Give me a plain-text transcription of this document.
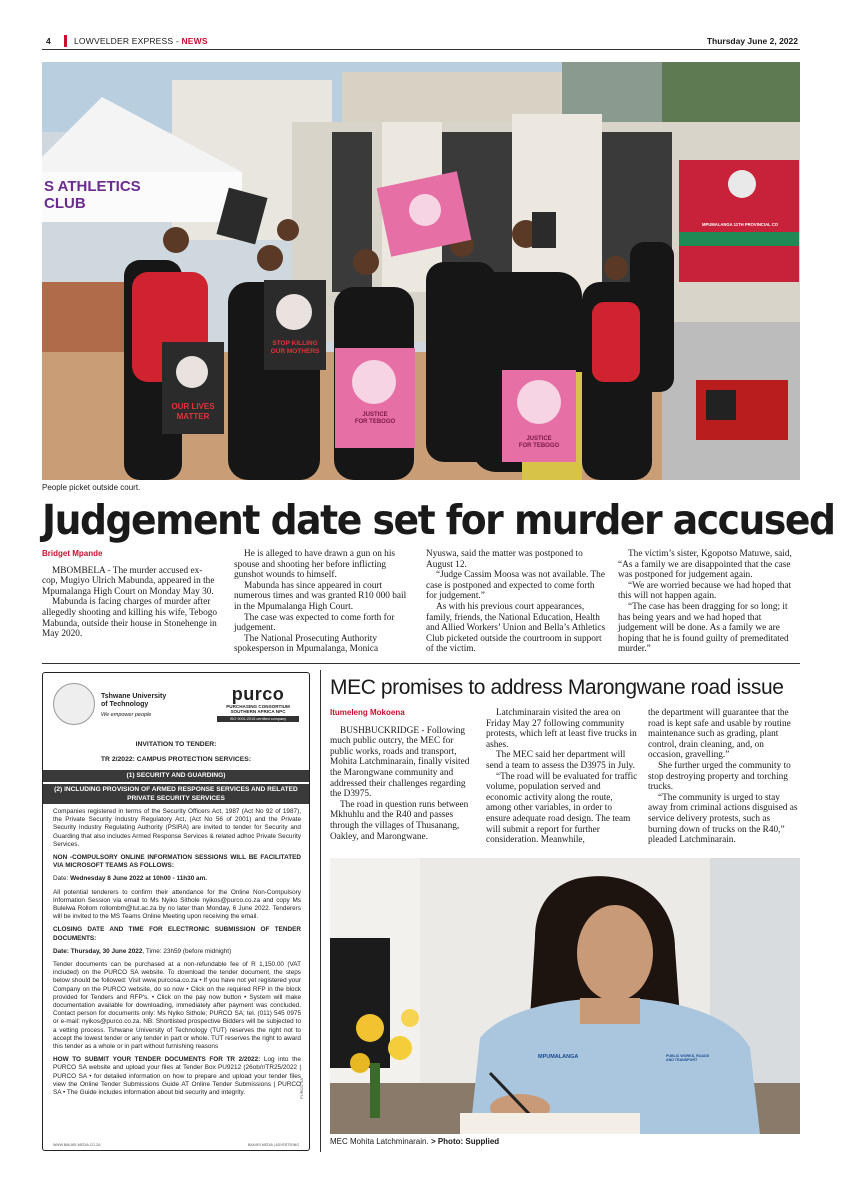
4	LOWVELDER EXPRESS - NEWS	Thursday June 2, 2022
S ATHLETICS
CLUB
OUR LIVES
MATTER
STOP KILLING
OUR MOTHERS
JUSTICE
FOR TEBOGO
JUSTICE
FOR TEBOGO
MPUMALANGA 11TH PROVINCIAL CO
People picket outside court.
Judgement date set for murder accused
Bridget Mpande

MBOMBELA - The murder accused ex-cop, Mugiyo Ulrich Mabunda, appeared in the Mpumalanga High Court on Monday May 30.

Mabunda is facing charges of murder after allegedly shooting and killing his wife, Tebogo Mabunda, outside their house in Stonehenge in May 2020.

He is alleged to have drawn a gun on his spouse and shooting her before inflicting gunshot wounds to himself.

Mabunda has since appeared in court numerous times and was granted R10 000 bail in the Mpumalanga High Court.

The case was expected to come forth for judgement.

The National Prosecuting Authority spokesperson in Mpumalanga, Monica

Nyuswa, said the matter was postponed to August 12.

“Judge Cassim Moosa was not available. The case is postponed and expected to come forth for judgement.”

As with his previous court appearances, family, friends, the National Education, Health and Allied Workers’ Union and Bella’s Athletics Club picketed outside the courtroom in support of the victim.

The victim’s sister, Kgopotso Matuwe, said, “As a family we are disappointed that the case was postponed for judgement again.

“We are worried because we had hoped that this will not happen again.

“The case has been dragging for so long; it has being years and we had hoped that judgement will be done. As a family we are hoping that he is found guilty of premeditated murder.”

Tshwane University
of Technology
We empower people
purco
PURCHASING CONSORTIUM
SOUTHERN AFRICA NPC
ISO 9001:2015 certified company
INVITATION TO TENDER:
TR 2/2022: CAMPUS PROTECTION SERVICES:
(1) SECURITY AND GUARDING)
(2) INCLUDING PROVISION OF ARMED RESPONSE SERVICES AND RELATED PRIVATE SECURITY SERVICES

Companies registered in terms of the Security Officers Act, 1987 (Act No 92 of 1987), the Private Security Industry Regulatory Act, (Act No 56 of 2001) and the Private Security Industry Regulating Authority (PSIRA) are invited to tender for Security and Guarding that also includes Armed Response Services & related adhoc Private Security Services.

NON -COMPULSORY ONLINE INFORMATION SESSIONS WILL BE FACILITATED VIA MICROSOFT TEAMS AS FOLLOWS:

Date: Wednesday 8 June 2022 at 10h00 - 11h30 am.

All potential tenderers to confirm their attendance for the Online Non-Compulsory Information Session via email to Ms Nyiko Sithole nyikos@purco.co.za and copy Ms Bulelwa Rollom rollombm@tut.ac.za by no later than Monday, 6 June 2022. Tenderers will be invited to the MS Teams Online Meeting upon receiving the email.

CLOSING DATE AND TIME FOR ELECTRONIC SUBMISSION OF TENDER DOCUMENTS:

Date: Thursday, 30 June 2022, Time: 23h59 (before midnight)

Tender documents can be purchased at a non-refundable fee of R 1,150.00 (VAT included) on the PURCO SA website. To download the tender document, the steps below should be followed: Visit www.purcosa.co.za • If you have not yet registered your Company on the PURCO website, do so now • Click on the required RFP in the block provided for Tenders and RFP's. • Click on the pay now button • System will make documentation available for downloading, immediately after payment was concluded. Contact person for documents only: Ms Nyiko Sithole; PURCO SA; tel. (011) 545 0975 or e-mail: nyikos@purco.co.za. NB: Shortlisted prospective Bidders will be subjected to a vetting process. Tshwane University of Technology (TUT) reserves the right not to accept the lowest tender or any tender in part or whole. TUT reserves the right to award this tender as a whole or in part without furnishing reasons

HOW TO SUBMIT YOUR TENDER DOCUMENTS FOR TR 2/2022: Log into the PURCO SA website and upload your files at Tender Box PU9212 (26ob/r/TR25/2022 | PURCO SA • for detailed information on how to prepare and upload your tender files view the Online Tender Submissions Guide AT Online Tender Submissions | PURCO SA • The Guide includes information about bid security and integrity.	PURCO SA
WWW.BAKARI-MEDIA.CO.ZA	BAKARI MEDIA | ADVERTISING
MEC promises to address Marongwane road issue
Itumeleng Mokoena

BUSHBUCKRIDGE - Following much public outcry, the MEC for public works, roads and transport, Mohita Latchminarain, finally visited the Marongwane community and addressed their challenges regarding the D3975.

The road in question runs between Mkhuhlu and the R40 and passes through the villages of Thusanang, Oakley, and Marongwane.

Latchminarain visited the area on Friday May 27 following community protests, which left at least five trucks in ashes.

The MEC said her department will send a team to assess the D3975 in July.

“The road will be evaluated for traffic volume, population served and economic activity along the route, among other variables, in order to ensure adequate road design. The team will submit a report for further consideration. Meanwhile,

the department will guarantee that the road is kept safe and usable by routine maintenance such as grading, plant control, drain cleaning, and, on occasion, gravelling.”

She further urged the community to stop destroying property and torching trucks.

“The community is urged to stay away from criminal actions disguised as service delivery protests, such as burning down of trucks on the R40,” pleaded Latchminarain.

MPUMALANGA	PUBLIC WORKS, ROADS AND TRANSPORT
MEC Mohita Latchminarain. > Photo: Supplied
